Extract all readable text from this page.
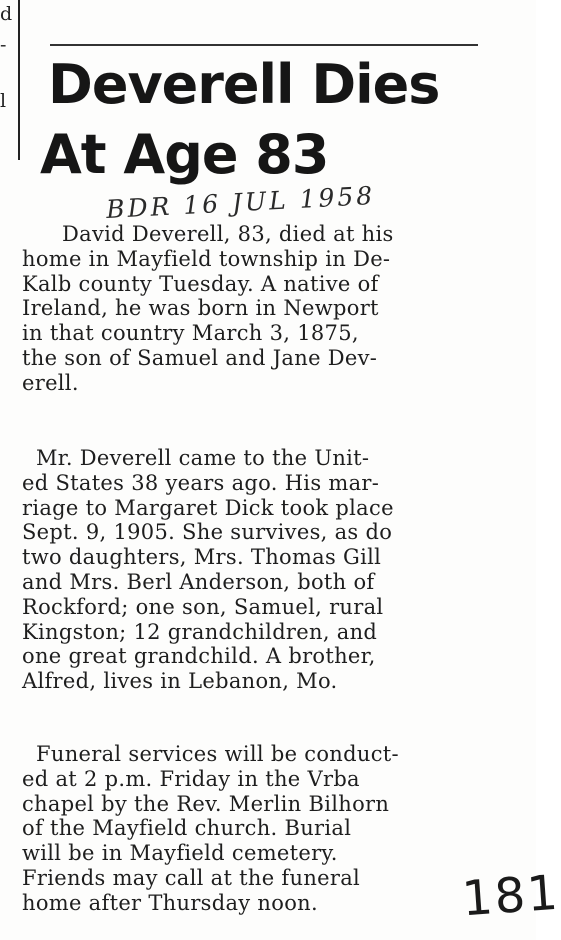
d
-
l Deverell Dies
At Age 83
BDR 16 JUL 1958

David Deverell, 83, died at his
home in Mayfield township in De-
Kalb county Tuesday. A native of
Ireland, he was born in Newport
in that country March 3, 1875,
the son of Samuel and Jane Dev-
erell.

Mr. Deverell came to the Unit-
ed States 38 years ago. His mar-
riage to Margaret Dick took place
Sept. 9, 1905. She survives, as do
two daughters, Mrs. Thomas Gill
and Mrs. Berl Anderson, both of
Rockford; one son, Samuel, rural
Kingston; 12 grandchildren, and
one great grandchild. A brother,
Alfred, lives in Lebanon, Mo.

Funeral services will be conduct-
ed at 2 p.m. Friday in the Vrba
chapel by the Rev. Merlin Bilhorn
of the Mayfield church. Burial
will be in Mayfield cemetery.
Friends may call at the funeral
home after Thursday noon.	181
